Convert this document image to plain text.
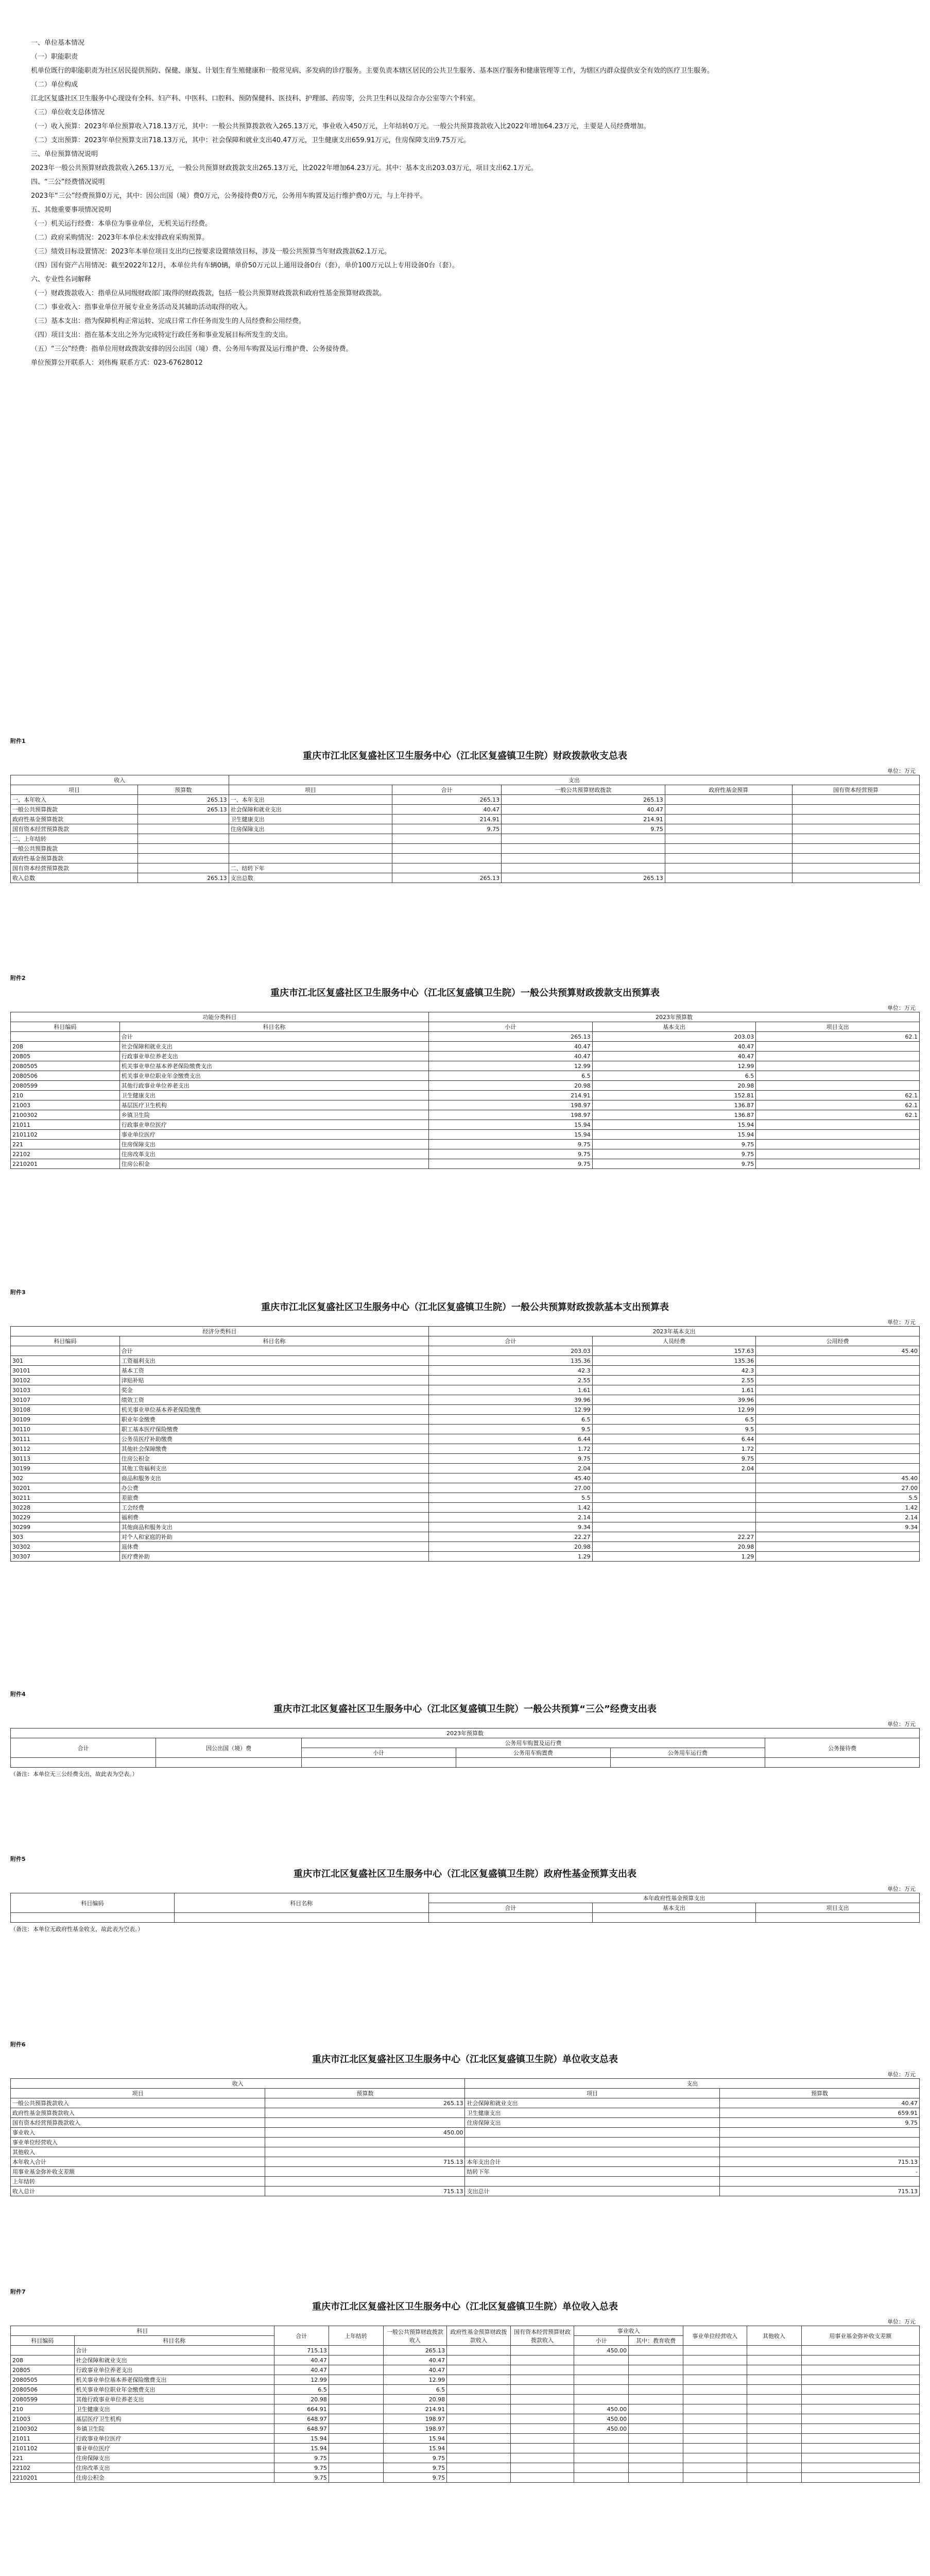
一、单位基本情况

（一）职能职责

机单位既行的职能职责为社区居民提供预防、保健、康复、计划生育生殖健康和一般常见病、多发病的诊疗服务。主要负责本辖区居民的公共卫生服务、基本医疗服务和健康管理等工作，为辖区内群众提供安全有效的医疗卫生服务。

（二）单位构成

江北区复盛社区卫生服务中心现设有全科、妇产科、中医科、口腔科、预防保健科、医技科、护理部、药房等，公共卫生科以及综合办公室等六个科室。

（三）单位收支总体情况

（一）收入预算：2023年单位预算收入718.13万元，其中：一般公共预算拨款收入265.13万元，事业收入450万元，上年结转0万元。一般公共预算拨款收入比2022年增加64.23万元，主要是人员经费增加。

（二）支出预算：2023年单位预算支出718.13万元，其中：社会保障和就业支出40.47万元，卫生健康支出659.91万元，住房保障支出9.75万元。

三、单位预算情况说明

2023年一般公共预算财政拨款收入265.13万元，一般公共预算财政拨款支出265.13万元，比2022年增加64.23万元。其中：基本支出203.03万元，项目支出62.1万元。

四、“三公”经费情况说明

2023年“三公”经费预算0万元，其中：因公出国（境）费0万元，公务接待费0万元，公务用车购置及运行维护费0万元，与上年持平。

五、其他重要事项情况说明

（一）机关运行经费：本单位为事业单位，无机关运行经费。

（二）政府采购情况：2023年本单位未安排政府采购预算。

（三）绩效目标设置情况：2023年本单位项目支出均已按要求设置绩效目标，涉及一般公共预算当年财政拨款62.1万元。

（四）国有资产占用情况：截至2022年12月，本单位共有车辆0辆，单价50万元以上通用设备0台（套），单价100万元以上专用设备0台（套）。

六、专业性名词解释

（一）财政拨款收入：指单位从同级财政部门取得的财政拨款，包括一般公共预算财政拨款和政府性基金预算财政拨款。

（二）事业收入：指事业单位开展专业业务活动及其辅助活动取得的收入。

（三）基本支出：指为保障机构正常运转、完成日常工作任务而发生的人员经费和公用经费。

（四）项目支出：指在基本支出之外为完成特定行政任务和事业发展目标所发生的支出。

（五）“三公”经费：指单位用财政拨款安排的因公出国（境）费、公务用车购置及运行维护费、公务接待费。

单位预算公开联系人：刘伟梅 联系方式：023-67628012

附件1
重庆市江北区复盛社区卫生服务中心（江北区复盛镇卫生院）财政拨款收支总表
单位：万元
收入		支出				
项目	预算数	项目	合计	一般公共预算财政拨款	政府性基金预算	国有资本经营预算
一、本年收入	265.13	一、本年支出	265.13	265.13		
一般公共预算拨款	265.13	社会保障和就业支出	40.47	40.47		
政府性基金预算拨款		卫生健康支出	214.91	214.91		
国有资本经营预算拨款		住房保障支出	9.75	9.75		
二、上年结转						
一般公共预算拨款						
政府性基金预算拨款						
国有资本经营预算拨款		二、结转下年				
收入总数	265.13	支出总数	265.13	265.13		
附件2
重庆市江北区复盛社区卫生服务中心（江北区复盛镇卫生院）一般公共预算财政拨款支出预算表
单位：万元
功能分类科目		2023年预算数		
科目编码	科目名称	小计	基本支出	项目支出
	合计	265.13	203.03	62.1
208	社会保障和就业支出	40.47	40.47	
20805	行政事业单位养老支出	40.47	40.47	
2080505	机关事业单位基本养老保险缴费支出	12.99	12.99	
2080506	机关事业单位职业年金缴费支出	6.5	6.5	
2080599	其他行政事业单位养老支出	20.98	20.98	
210	卫生健康支出	214.91	152.81	62.1
21003	基层医疗卫生机构	198.97	136.87	62.1
2100302	乡镇卫生院	198.97	136.87	62.1
21011	行政事业单位医疗	15.94	15.94	
2101102	事业单位医疗	15.94	15.94	
221	住房保障支出	9.75	9.75	
22102	住房改革支出	9.75	9.75	
2210201	住房公积金	9.75	9.75	
附件3
重庆市江北区复盛社区卫生服务中心（江北区复盛镇卫生院）一般公共预算财政拨款基本支出预算表
单位：万元
经济分类科目		2023年基本支出		
科目编码	科目名称	合计	人员经费	公用经费
	合计	203.03	157.63	45.40
301	工资福利支出	135.36	135.36	
30101	基本工资	42.3	42.3	
30102	津贴补贴	2.55	2.55	
30103	奖金	1.61	1.61	
30107	绩效工资	39.96	39.96	
30108	机关事业单位基本养老保险缴费	12.99	12.99	
30109	职业年金缴费	6.5	6.5	
30110	职工基本医疗保险缴费	9.5	9.5	
30111	公务员医疗补助缴费	6.44	6.44	
30112	其他社会保障缴费	1.72	1.72	
30113	住房公积金	9.75	9.75	
30199	其他工资福利支出	2.04	2.04	
302	商品和服务支出	45.40		45.40
30201	办公费	27.00		27.00
30211	差旅费	5.5		5.5
30228	工会经费	1.42		1.42
30229	福利费	2.14		2.14
30299	其他商品和服务支出	9.34		9.34
303	对个人和家庭的补助	22.27	22.27	
30302	退休费	20.98	20.98	
30307	医疗费补助	1.29	1.29	
附件4
重庆市江北区复盛社区卫生服务中心（江北区复盛镇卫生院）一般公共预算“三公”经费支出表
单位：万元
2023年预算数					
合计	因公出国（境）费	公务用车购置及运行费			公务接待费
		小计	公务用车购置费	公务用车运行费	

（备注：本单位无三公经费支出，故此表为空表。）
附件5
重庆市江北区复盛社区卫生服务中心（江北区复盛镇卫生院）政府性基金预算支出表
单位：万元
科目编码	科目名称	本年政府性基金预算支出		
		合计	基本支出	项目支出

（备注：本单位无政府性基金收支，故此表为空表。）
附件6
重庆市江北区复盛社区卫生服务中心（江北区复盛镇卫生院）单位收支总表
单位：万元
收入		支出	
项目	预算数	项目	预算数
一般公共预算拨款收入	265.13	社会保障和就业支出	40.47
政府性基金预算拨款收入		卫生健康支出	659.91
国有资本经营预算拨款收入		住房保障支出	9.75
事业收入	450.00		
事业单位经营收入			
其他收入			
本年收入合计	715.13	本年支出合计	715.13
用事业基金弥补收支差额		结转下年	-
上年结转			
收入总计	715.13	支出总计	715.13
附件7
重庆市江北区复盛社区卫生服务中心（江北区复盛镇卫生院）单位收入总表
单位：万元
科目		合计	上年结转	一般公共预算财政拨款收入	政府性基金预算财政拨款收入	国有资本经营预算财政拨款收入	事业收入		事业单位经营收入	其他收入	用事业基金弥补收支差额
科目编码	科目名称						小计	其中：教育收费			
	合计	715.13		265.13			450.00				
208	社会保障和就业支出	40.47		40.47							
20805	行政事业单位养老支出	40.47		40.47							
2080505	机关事业单位基本养老保险缴费支出	12.99		12.99							
2080506	机关事业单位职业年金缴费支出	6.5		6.5							
2080599	其他行政事业单位养老支出	20.98		20.98							
210	卫生健康支出	664.91		214.91			450.00				
21003	基层医疗卫生机构	648.97		198.97			450.00				
2100302	乡镇卫生院	648.97		198.97			450.00				
21011	行政事业单位医疗	15.94		15.94							
2101102	事业单位医疗	15.94		15.94							
221	住房保障支出	9.75		9.75							
22102	住房改革支出	9.75		9.75							
2210201	住房公积金	9.75		9.75							
